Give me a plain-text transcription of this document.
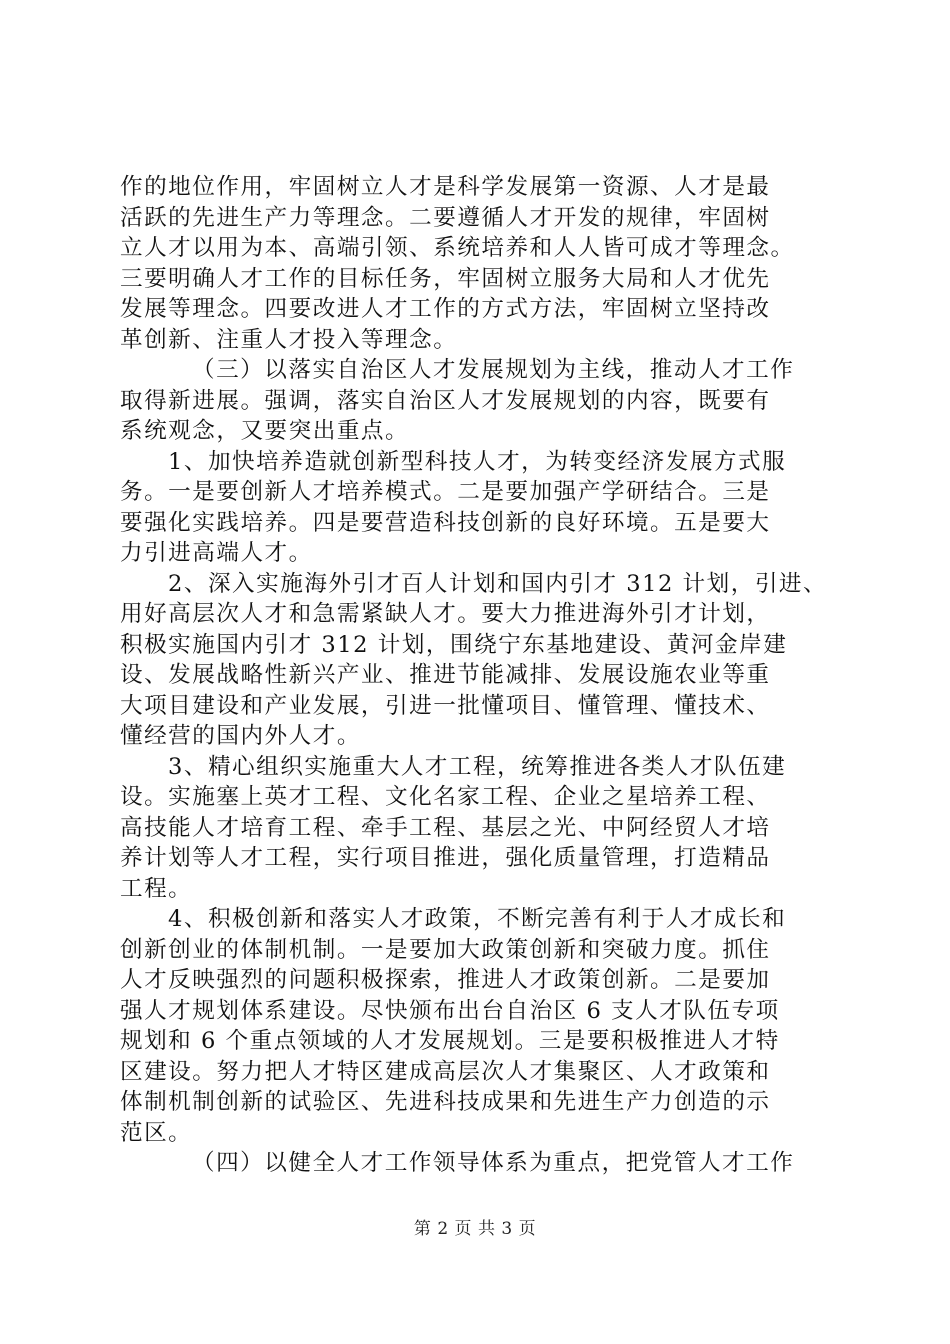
作的地位作用，牢固树立人才是科学发展第一资源、人才是最
活跃的先进生产力等理念。二要遵循人才开发的规律，牢固树
立人才以用为本、高端引领、系统培养和人人皆可成才等理念。
三要明确人才工作的目标任务，牢固树立服务大局和人才优先
发展等理念。四要改进人才工作的方式方法，牢固树立坚持改
革创新、注重人才投入等理念。
（三）以落实自治区人才发展规划为主线，推动人才工作
取得新进展。强调，落实自治区人才发展规划的内容，既要有
系统观念，又要突出重点。
1、加快培养造就创新型科技人才，为转变经济发展方式服
务。一是要创新人才培养模式。二是要加强产学研结合。三是
要强化实践培养。四是要营造科技创新的良好环境。五是要大
力引进高端人才。
2、深入实施海外引才百人计划和国内引才 312 计划，引进、
用好高层次人才和急需紧缺人才。要大力推进海外引才计划，
积极实施国内引才 312 计划，围绕宁东基地建设、黄河金岸建
设、发展战略性新兴产业、推进节能减排、发展设施农业等重
大项目建设和产业发展，引进一批懂项目、懂管理、懂技术、
懂经营的国内外人才。
3、精心组织实施重大人才工程，统筹推进各类人才队伍建
设。实施塞上英才工程、文化名家工程、企业之星培养工程、
高技能人才培育工程、牵手工程、基层之光、中阿经贸人才培
养计划等人才工程，实行项目推进，强化质量管理，打造精品
工程。
4、积极创新和落实人才政策，不断完善有利于人才成长和
创新创业的体制机制。一是要加大政策创新和突破力度。抓住
人才反映强烈的问题积极探索，推进人才政策创新。二是要加
强人才规划体系建设。尽快颁布出台自治区 6 支人才队伍专项
规划和 6 个重点领域的人才发展规划。三是要积极推进人才特
区建设。努力把人才特区建成高层次人才集聚区、人才政策和
体制机制创新的试验区、先进科技成果和先进生产力创造的示
范区。
（四）以健全人才工作领导体系为重点，把党管人才工作
第 2 页 共 3 页
